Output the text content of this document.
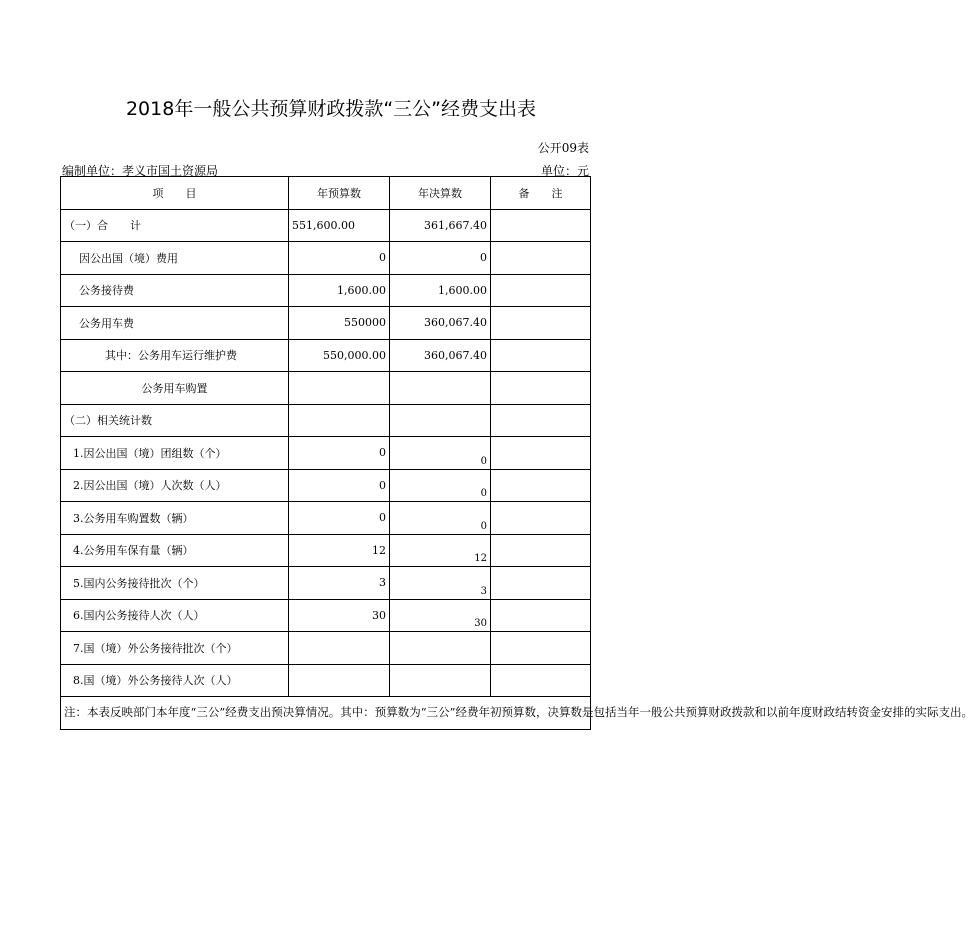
2018年一般公共预算财政拨款“三公”经费支出表
公开09表
编制单位：孝义市国土资源局	单位：元
项　　目	年预算数	年决算数	备　　注
（一）合　　计	551,600.00	361,667.40	
因公出国（境）费用	0	0	
公务接待费	1,600.00	1,600.00	
公务用车费	550000	360,067.40	
其中：公务用车运行维护费	550,000.00	360,067.40	
公务用车购置			
（二）相关统计数			
1.因公出国（境）团组数（个）	0	0	
2.因公出国（境）人次数（人）	0	0	
3.公务用车购置数（辆）	0	0	
4.公务用车保有量（辆）	12	12	
5.国内公务接待批次（个）	3	3	
6.国内公务接待人次（人）	30	30	
7.国（境）外公务接待批次（个）			
8.国（境）外公务接待人次（人）			
注：本表反映部门本年度“三公”经费支出预决算情况。其中：预算数为“三公”经费年初预算数，决算数是包括当年一般公共预算财政拨款和以前年度财政结转资金安排的实际支出。			
